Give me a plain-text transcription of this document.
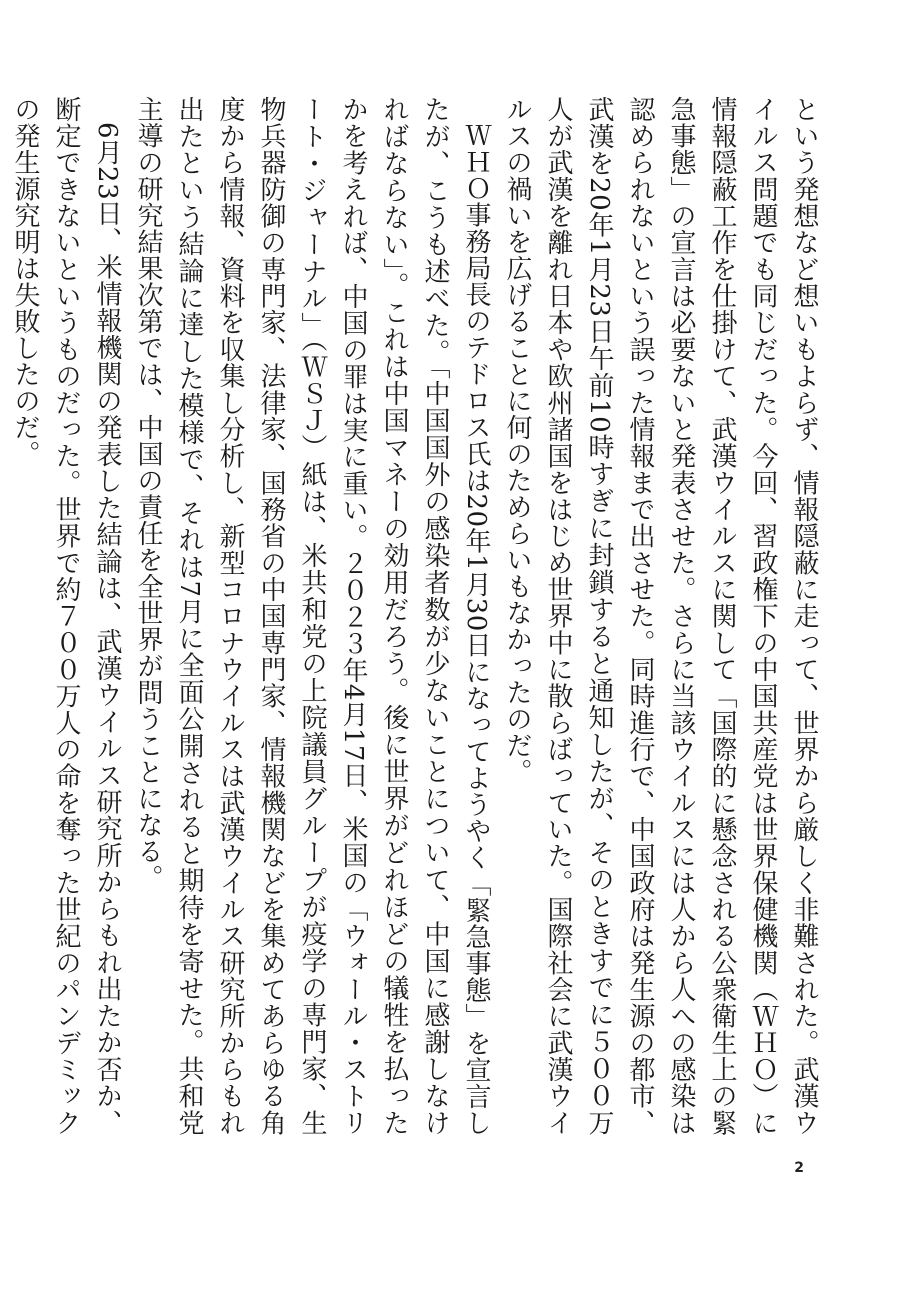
という発想など想いもよらず、情報隠蔽に走って、世界から厳しく非難された。武漢ウイルス問題でも同じだった。今回、習政権下の中国共産党は世界保健機関（ＷＨＯ）に情報隠蔽工作を仕掛けて、武漢ウイルスに関して「国際的に懸念される公衆衛生上の緊急事態」の宣言は必要ないと発表させた。さらに当該ウイルスには人から人への感染は認められないという誤った情報まで出させた。同時進行で、中国政府は発生源の都市、武漢を20年1月23日午前10時すぎに封鎖すると通知したが、そのときすでに５００万人が武漢を離れ日本や欧州諸国をはじめ世界中に散らばっていた。国際社会に武漢ウイルスの禍いを広げることに何のためらいもなかったのだ。

ＷＨＯ事務局長のテドロス氏は20年1月30日になってようやく「緊急事態」を宣言したが、こうも述べた。「中国国外の感染者数が少ないことについて、中国に感謝しなければならない」。これは中国マネーの効用だろう。後に世界がどれほどの犠牲を払ったかを考えれば、中国の罪は実に重い。２０２３年4月17日、米国の「ウォール・ストリート・ジャーナル」（ＷＳＪ）紙は、米共和党の上院議員グループが疫学の専門家、生物兵器防御の専門家、法律家、国務省の中国専門家、情報機関などを集めてあらゆる角度から情報、資料を収集し分析し、新型コロナウイルスは武漢ウイルス研究所からもれ出たという結論に達した模様で、それは7月に全面公開されると期待を寄せた。共和党主導の研究結果次第では、中国の責任を全世界が問うことになる。

6月23日、米情報機関の発表した結論は、武漢ウイルス研究所からもれ出たか否か、断定できないというものだった。世界で約７００万人の命を奪った世紀のパンデミックの発生源究明は失敗したのだ。

2
